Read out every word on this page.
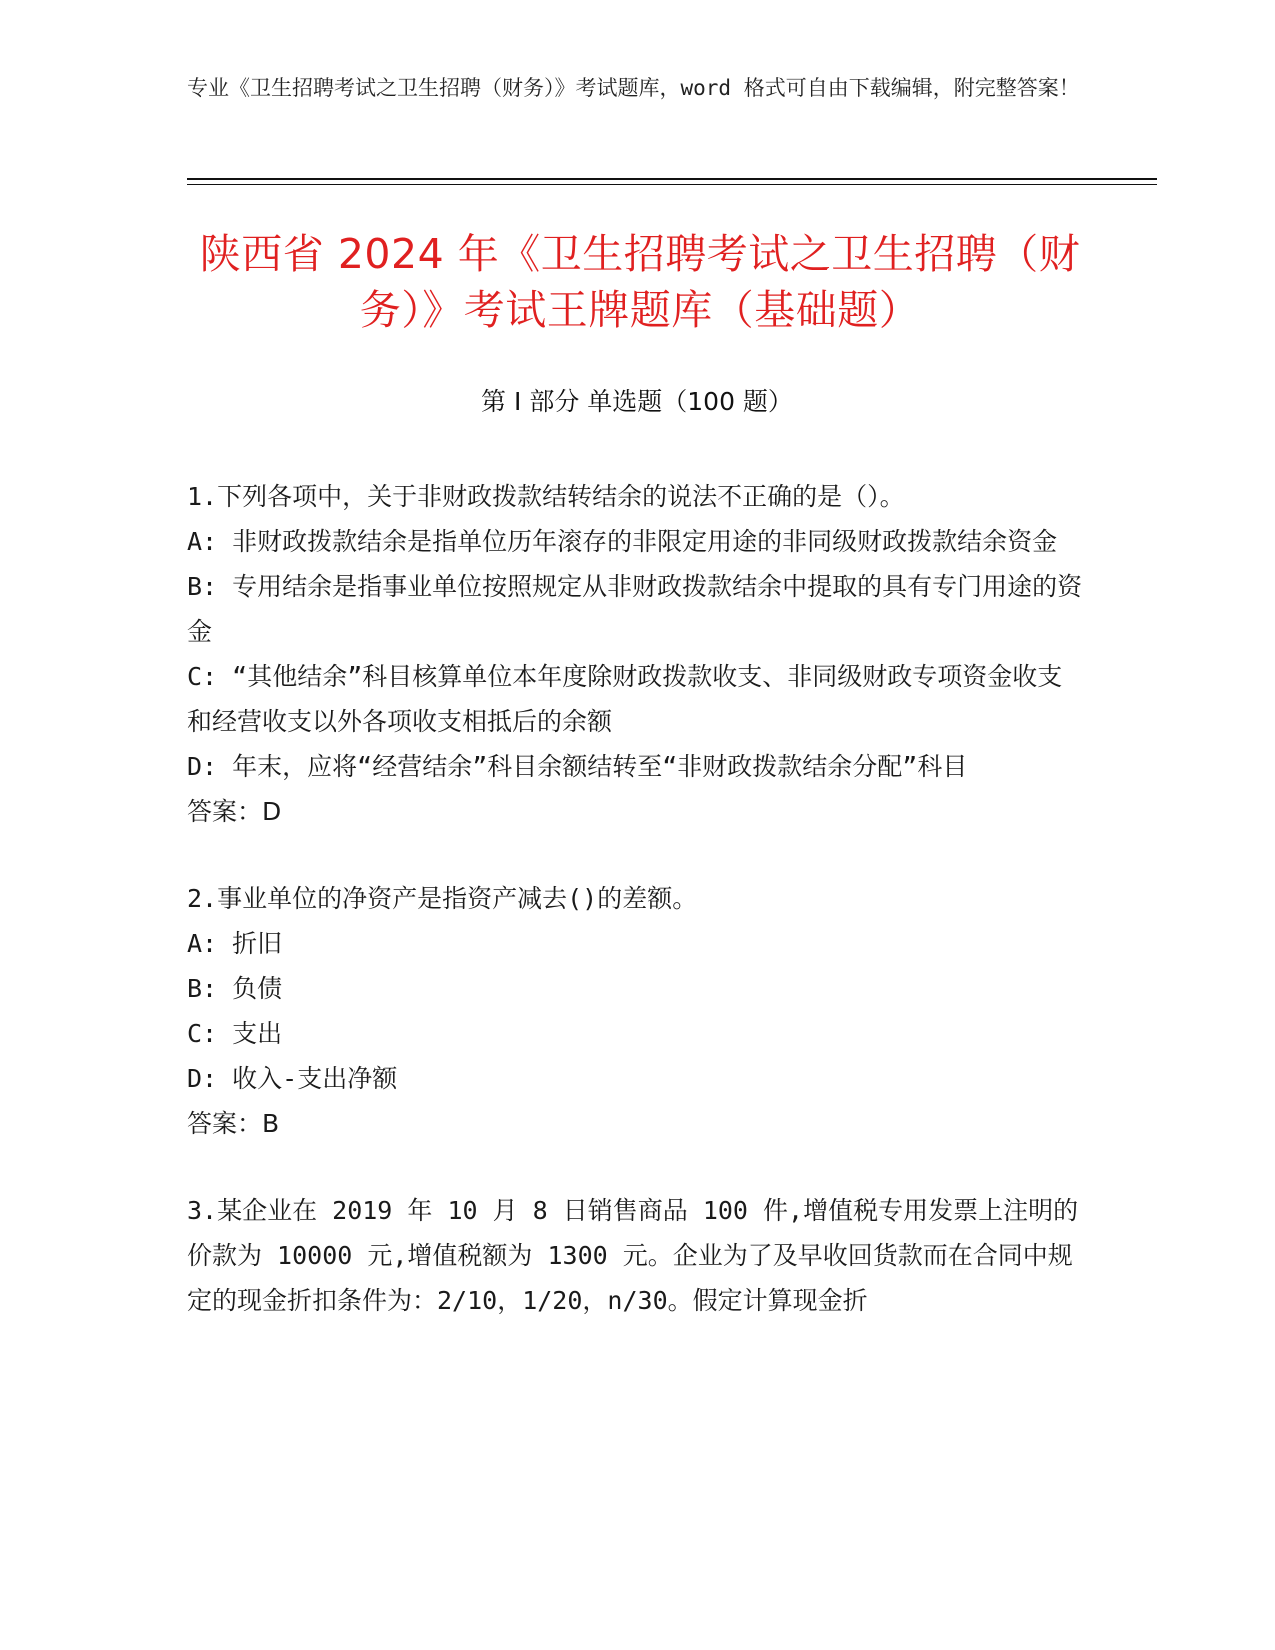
专业《卫生招聘考试之卫生招聘（财务）》考试题库，word 格式可自由下载编辑，附完整答案！
陕西省 2024 年《卫生招聘考试之卫生招聘（财务）》考试王牌题库（基础题）
第 I 部分 单选题（100 题）
1.下列各项中，关于非财政拨款结转结余的说法不正确的是（）。
A: 非财政拨款结余是指单位历年滚存的非限定用途的非同级财政拨款结余资金
B: 专用结余是指事业单位按照规定从非财政拨款结余中提取的具有专门用途的资金
C: “其他结余”科目核算单位本年度除财政拨款收支、非同级财政专项资金收支和经营收支以外各项收支相抵后的余额
D: 年末，应将“经营结余”科目余额结转至“非财政拨款结余分配”科目
答案：D
2.事业单位的净资产是指资产减去()的差额。
A: 折旧
B: 负债
C: 支出
D: 收入-支出净额
答案：B
3.某企业在 2019 年 10 月 8 日销售商品 100 件,增值税专用发票上注明的价款为 10000 元,增值税额为 1300 元。企业为了及早收回货款而在合同中规定的现金折扣条件为：2/10，1/20，n/30。假定计算现金折
